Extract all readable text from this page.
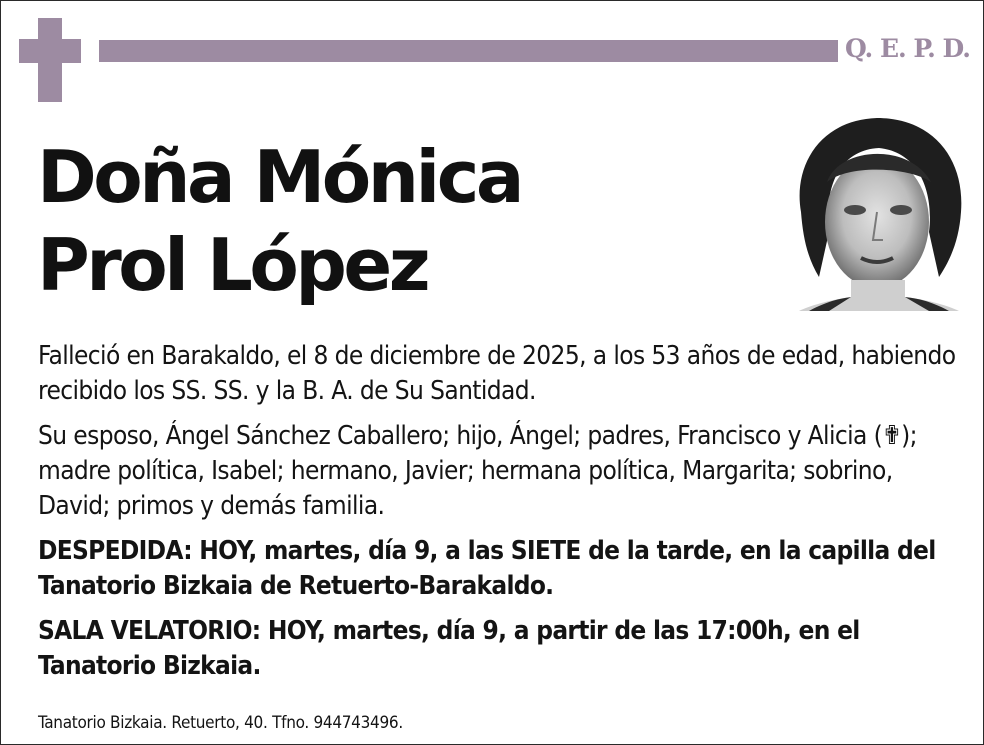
Q. E. P. D.
Doña Mónica
Prol López

Falleció en Barakaldo, el 8 de diciembre de 2025, a los 53 años de edad, habiendo recibido los SS. SS. y la B. A. de Su Santidad.

Su esposo, Ángel Sánchez Caballero; hijo, Ángel; padres, Francisco y Alicia (✟); madre política, Isabel; hermano, Javier; hermana política, Margarita; sobrino, David; primos y demás familia.

DESPEDIDA: HOY, martes, día 9, a las SIETE de la tarde, en la capilla del Tanatorio Bizkaia de Retuerto-Barakaldo.

SALA VELATORIO: HOY, martes, día 9, a partir de las 17:00h, en el Tanatorio Bizkaia.

Tanatorio Bizkaia. Retuerto, 40. Tfno. 944743496.
